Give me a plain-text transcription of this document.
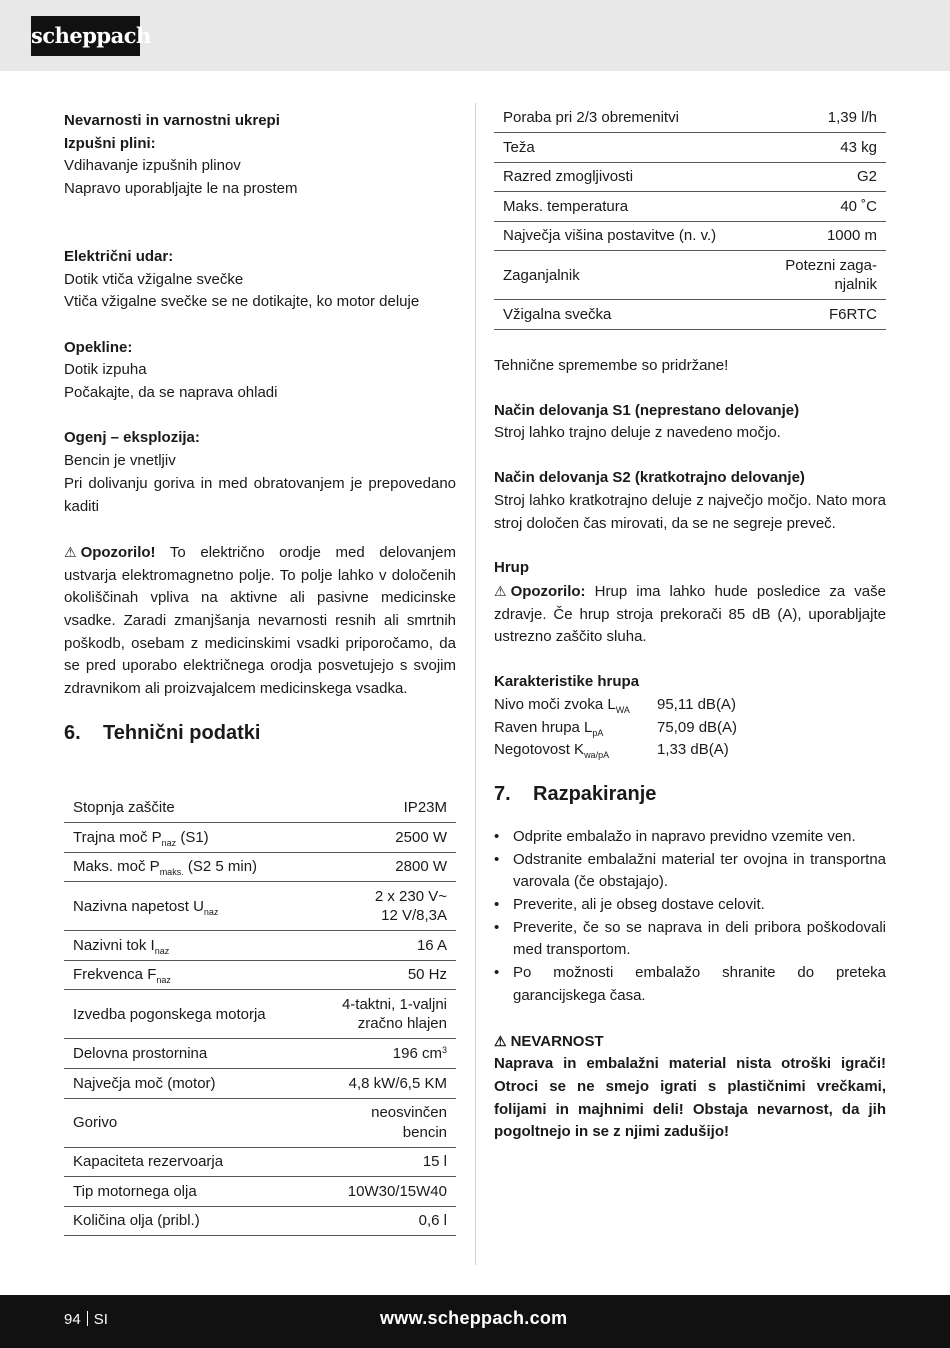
scheppach
Nevarnosti in varnostni ukrepi
Izpušni plini:
Vdihavanje izpušnih plinov
Napravo uporabljajte le na prostem
Električni udar:
Dotik vtiča vžigalne svečke
Vtiča vžigalne svečke se ne dotikajte, ko motor deluje
Opekline:
Dotik izpuha
Počakajte, da se naprava ohladi
Ogenj – eksplozija:
Bencin je vnetljiv
Pri dolivanju goriva in med obratovanjem je prepovedano kaditi
⚠ Opozorilo! To električno orodje med delovanjem ustvarja elektromagnetno polje. To polje lahko v določenih okoliščinah vpliva na aktivne ali pasivne medicinske vsadke. Zaradi zmanjšanja nevarnosti resnih ali smrtnih poškodb, osebam z medicinskimi vsadki priporočamo, da se pred uporabo električnega orodja posvetujejo s svojim zdravnikom ali proizvajalcem medicinskega vsadka.
6.	Tehnični podatki
Stopnja zaščite	IP23M
Trajna moč $P_{naz}$ (S1)	2500 W
Maks. moč $P_{maks.}$ (S2 5 min)	2800 W
Nazivna napetost $U_{naz}$	2 x 230 V~
12 V/8,3A
Nazivni tok $I_{naz}$	16 A
Frekvenca $F_{naz}$	50 Hz
Izvedba pogonskega motorja	4-taktni, 1-valjni
zračno hlajen
Delovna prostornina	196 $cm^3$
Največja moč (motor)	4,8 kW/6,5 KM
Gorivo	neosvinčen
bencin
Kapaciteta rezervoarja	15 l
Tip motornega olja	10W30/15W40
Količina olja (pribl.)	0,6 l
Poraba pri 2/3 obremenitvi	1,39 l/h
Teža	43 kg
Razred zmogljivosti	G2
Maks. temperatura	40 ˚C
Največja višina postavitve (n. v.)	1000 m
Zaganjalnik	Potezni zaga-
njalnik
Vžigalna svečka	F6RTC
Tehnične spremembe so pridržane!
Način delovanja S1 (neprestano delovanje)
Stroj lahko trajno deluje z navedeno močjo.
Način delovanja S2 (kratkotrajno delovanje)
Stroj lahko kratkotrajno deluje z največjo močjo. Nato mora stroj določen čas mirovati, da se ne segreje preveč.
Hrup
⚠ Opozorilo: Hrup ima lahko hude posledice za vaše zdravje. Če hrup stroja prekorači 85 dB (A), uporabljajte ustrezno zaščito sluha.
Karakteristike hrupa
Nivo moči zvoka $L_{WA}$	95,11 dB(A)
Raven hrupa $L_{pA}$	75,09 dB(A)
Negotovost $K_{wa/pA}$	1,33 dB(A)
7.	Razpakiranje
• Odprite embalažo in napravo previdno vzemite ven.
• Odstranite embalažni material ter ovojna in transportna varovala (če obstajajo).
• Preverite, ali je obseg dostave celovit.
• Preverite, če so se naprava in deli pribora poškodovali med transportom.
• Po možnosti embalažo shranite do preteka garancijskega časa.
⚠ NEVARNOST
Naprava in embalažni material nista otroški igrači! Otroci se ne smejo igrati s plastičnimi vrečkami, folijami in majhnimi deli! Obstaja nevarnost, da jih pogoltnejo in se z njimi zadušijo!
94 SI	www.scheppach.com
